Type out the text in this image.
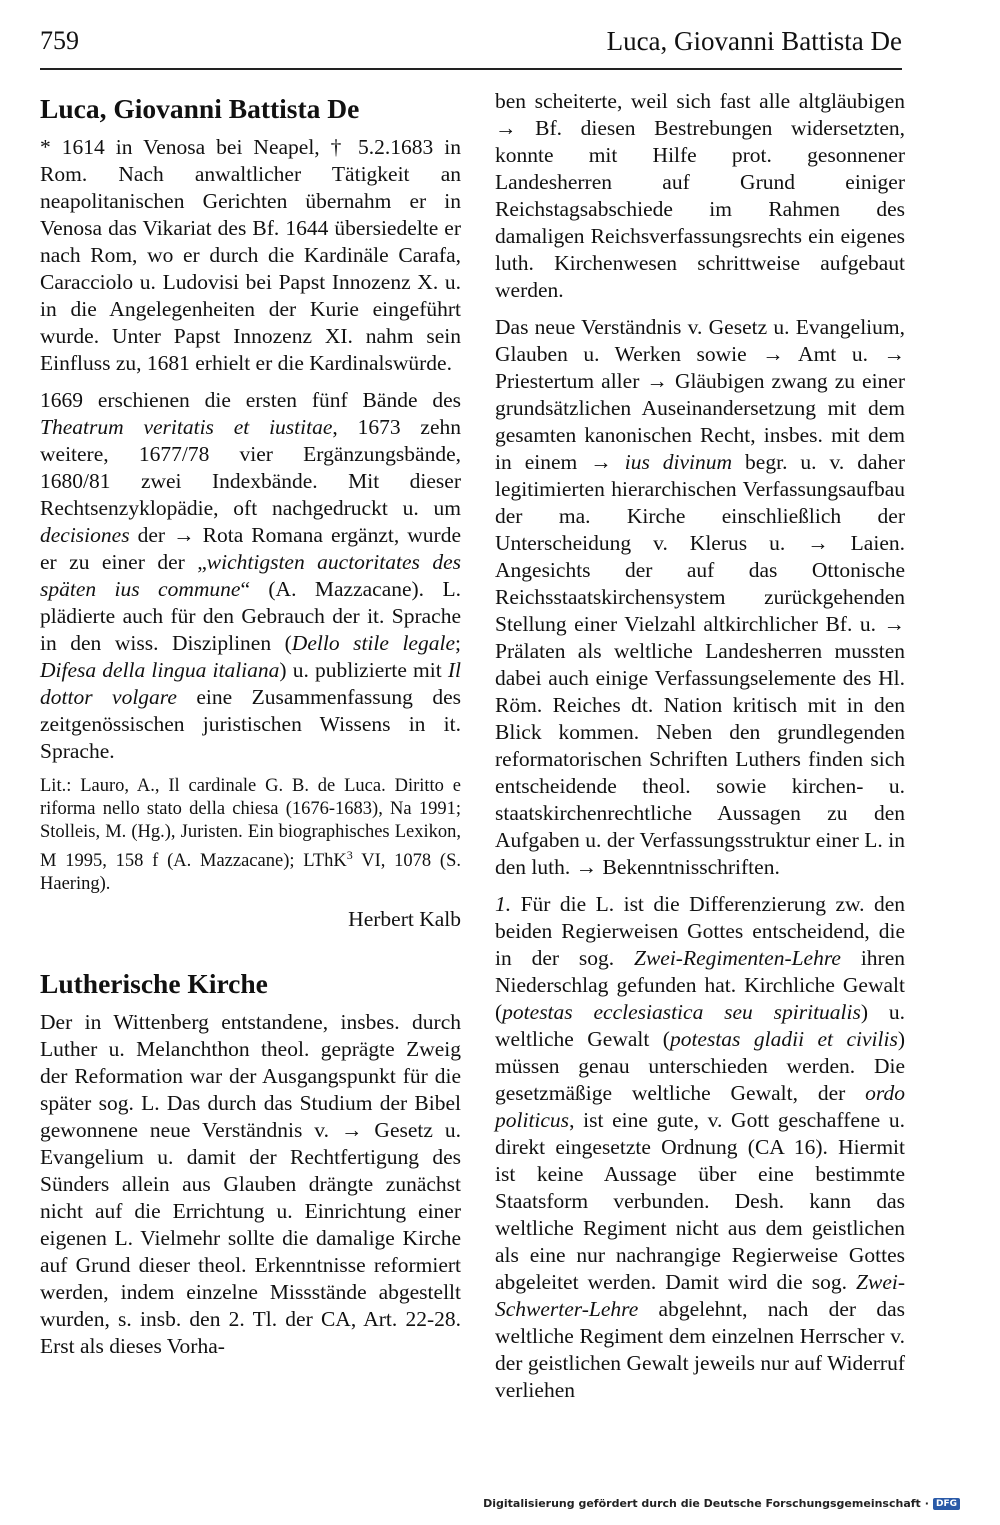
759	Luca, Giovanni Battista De
Luca, Giovanni Battista De

* 1614 in Venosa bei Neapel, † 5.2.1683 in Rom. Nach anwaltlicher Tätigkeit an neapolitanischen Gerichten übernahm er in Venosa das Vikariat des Bf. 1644 übersiedelte er nach Rom, wo er durch die Kardinäle Carafa, Caracciolo u. Ludovisi bei Papst Innozenz X. u. in die Angelegenheiten der Kurie eingeführt wurde. Unter Papst Innozenz XI. nahm sein Einfluss zu, 1681 erhielt er die Kardinalswürde.

1669 erschienen die ersten fünf Bände des Theatrum veritatis et iustitae, 1673 zehn weitere, 1677/78 vier Ergänzungsbände, 1680/81 zwei Indexbände. Mit dieser Rechtsenzyklopädie, oft nachgedruckt u. um decisiones der → Rota Romana ergänzt, wurde er zu einer der „wichtigsten auctoritates des späten ius commune“ (A. Mazzacane). L. plädierte auch für den Gebrauch der it. Sprache in den wiss. Disziplinen (Dello stile legale; Difesa della lingua italiana) u. publizierte mit Il dottor volgare eine Zusammenfassung des zeitgenössischen juristischen Wissens in it. Sprache.

Lit.: Lauro, A., Il cardinale G. B. de Luca. Diritto e riforma nello stato della chiesa (1676-1683), Na 1991; Stolleis, M. (Hg.), Juristen. Ein biographisches Lexikon, M 1995, 158 f (A. Mazzacane); LThK$^3$ VI, 1078 (S. Haering).

Herbert Kalb
Lutherische Kirche

Der in Wittenberg entstandene, insbes. durch Luther u. Melanchthon theol. geprägte Zweig der Reformation war der Ausgangspunkt für die später sog. L. Das durch das Studium der Bibel gewonnene neue Verständnis v. → Gesetz u. Evangelium u. damit der Rechtfertigung des Sünders allein aus Glauben drängte zunächst nicht auf die Errichtung u. Einrichtung einer eigenen L. Vielmehr sollte die damalige Kirche auf Grund dieser theol. Erkenntnisse reformiert werden, indem einzelne Missstände abgestellt wurden, s. insb. den 2. Tl. der CA, Art. 22-28. Erst als dieses Vorha-

ben scheiterte, weil sich fast alle altgläubigen → Bf. diesen Bestrebungen widersetzten, konnte mit Hilfe prot. gesonnener Landesherren auf Grund einiger Reichstagsabschiede im Rahmen des damaligen Reichsverfassungsrechts ein eigenes luth. Kirchenwesen schrittweise aufgebaut werden.

Das neue Verständnis v. Gesetz u. Evangelium, Glauben u. Werken sowie → Amt u. → Priestertum aller → Gläubigen zwang zu einer grundsätzlichen Auseinandersetzung mit dem gesamten kanonischen Recht, insbes. mit dem in einem → ius divinum begr. u. v. daher legitimierten hierarchischen Verfassungsaufbau der ma. Kirche einschließlich der Unterscheidung v. Klerus u. → Laien. Angesichts der auf das Ottonische Reichsstaatskirchensystem zurückgehenden Stellung einer Vielzahl altkirchlicher Bf. u. → Prälaten als weltliche Landesherren mussten dabei auch einige Verfassungselemente des Hl. Röm. Reiches dt. Nation kritisch mit in den Blick kommen. Neben den grundlegenden reformatorischen Schriften Luthers finden sich entscheidende theol. sowie kirchen- u. staatskirchenrechtliche Aussagen zu den Aufgaben u. der Verfassungsstruktur einer L. in den luth. → Bekenntnisschriften.

1. Für die L. ist die Differenzierung zw. den beiden Regierweisen Gottes entscheidend, die in der sog. Zwei-Regimenten-Lehre ihren Niederschlag gefunden hat. Kirchliche Gewalt (potestas ecclesiastica seu spiritualis) u. weltliche Gewalt (potestas gladii et civilis) müssen genau unterschieden werden. Die gesetzmäßige weltliche Gewalt, der ordo politicus, ist eine gute, v. Gott geschaffene u. direkt eingesetzte Ordnung (CA 16). Hiermit ist keine Aussage über eine bestimmte Staatsform verbunden. Desh. kann das weltliche Regiment nicht aus dem geistlichen als eine nur nachrangige Regierweise Gottes abgeleitet werden. Damit wird die sog. Zwei-Schwerter-Lehre abgelehnt, nach der das weltliche Regiment dem einzelnen Herrscher v. der geistlichen Gewalt jeweils nur auf Widerruf verliehen

Digitalisierung gefördert durch die Deutsche Forschungsgemeinschaft · DFG
